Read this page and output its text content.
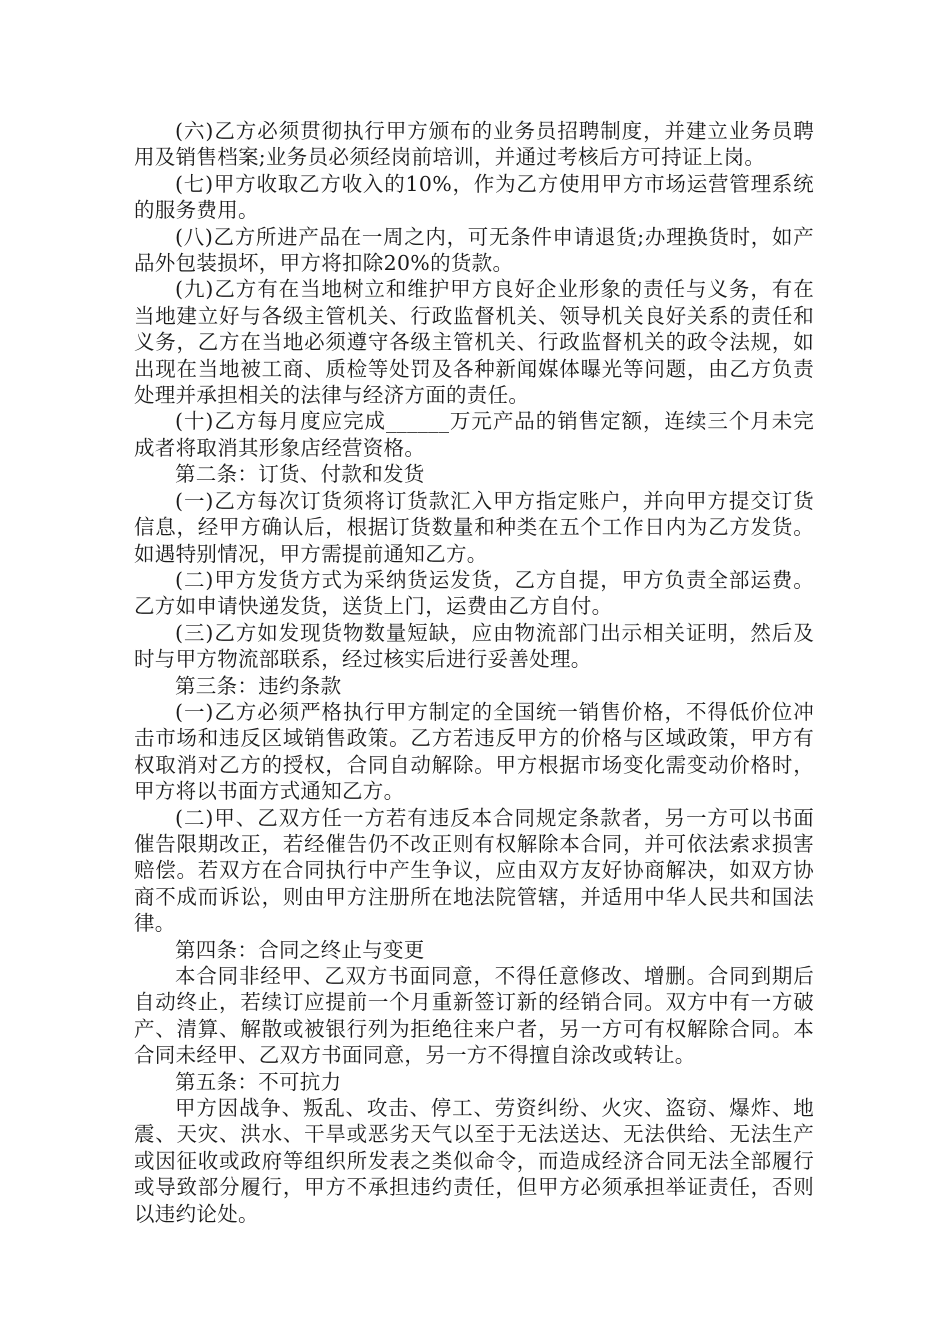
(六)乙方必须贯彻执行甲方颁布的业务员招聘制度，并建立业务员聘用及销售档案;业务员必须经岗前培训，并通过考核后方可持证上岗。

(七)甲方收取乙方收入的10%，作为乙方使用甲方市场运营管理系统的服务费用。

(八)乙方所进产品在一周之内，可无条件申请退货;办理换货时，如产品外包装损坏，甲方将扣除20%的货款。

(九)乙方有在当地树立和维护甲方良好企业形象的责任与义务，有在当地建立好与各级主管机关、行政监督机关、领导机关良好关系的责任和义务，乙方在当地必须遵守各级主管机关、行政监督机关的政令法规，如出现在当地被工商、质检等处罚及各种新闻媒体曝光等问题，由乙方负责处理并承担相关的法律与经济方面的责任。

(十)乙方每月度应完成______万元产品的销售定额，连续三个月未完成者将取消其形象店经营资格。

第二条：订货、付款和发货

(一)乙方每次订货须将订货款汇入甲方指定账户，并向甲方提交订货信息，经甲方确认后，根据订货数量和种类在五个工作日内为乙方发货。如遇特别情况，甲方需提前通知乙方。

(二)甲方发货方式为采纳货运发货，乙方自提，甲方负责全部运费。乙方如申请快递发货，送货上门，运费由乙方自付。

(三)乙方如发现货物数量短缺，应由物流部门出示相关证明，然后及时与甲方物流部联系，经过核实后进行妥善处理。

第三条：违约条款

(一)乙方必须严格执行甲方制定的全国统一销售价格，不得低价位冲击市场和违反区域销售政策。乙方若违反甲方的价格与区域政策，甲方有权取消对乙方的授权，合同自动解除。甲方根据市场变化需变动价格时，甲方将以书面方式通知乙方。

(二)甲、乙双方任一方若有违反本合同规定条款者，另一方可以书面催告限期改正，若经催告仍不改正则有权解除本合同，并可依法索求损害赔偿。若双方在合同执行中产生争议，应由双方友好协商解决，如双方协商不成而诉讼，则由甲方注册所在地法院管辖，并适用中华人民共和国法律。

第四条：合同之终止与变更

本合同非经甲、乙双方书面同意，不得任意修改、增删。合同到期后自动终止，若续订应提前一个月重新签订新的经销合同。双方中有一方破产、清算、解散或被银行列为拒绝往来户者，另一方可有权解除合同。本合同未经甲、乙双方书面同意，另一方不得擅自涂改或转让。

第五条：不可抗力

甲方因战争、叛乱、攻击、停工、劳资纠纷、火灾、盗窃、爆炸、地震、天灾、洪水、干旱或恶劣天气以至于无法送达、无法供给、无法生产或因征收或政府等组织所发表之类似命令，而造成经济合同无法全部履行或导致部分履行，甲方不承担违约责任，但甲方必须承担举证责任，否则以违约论处。
